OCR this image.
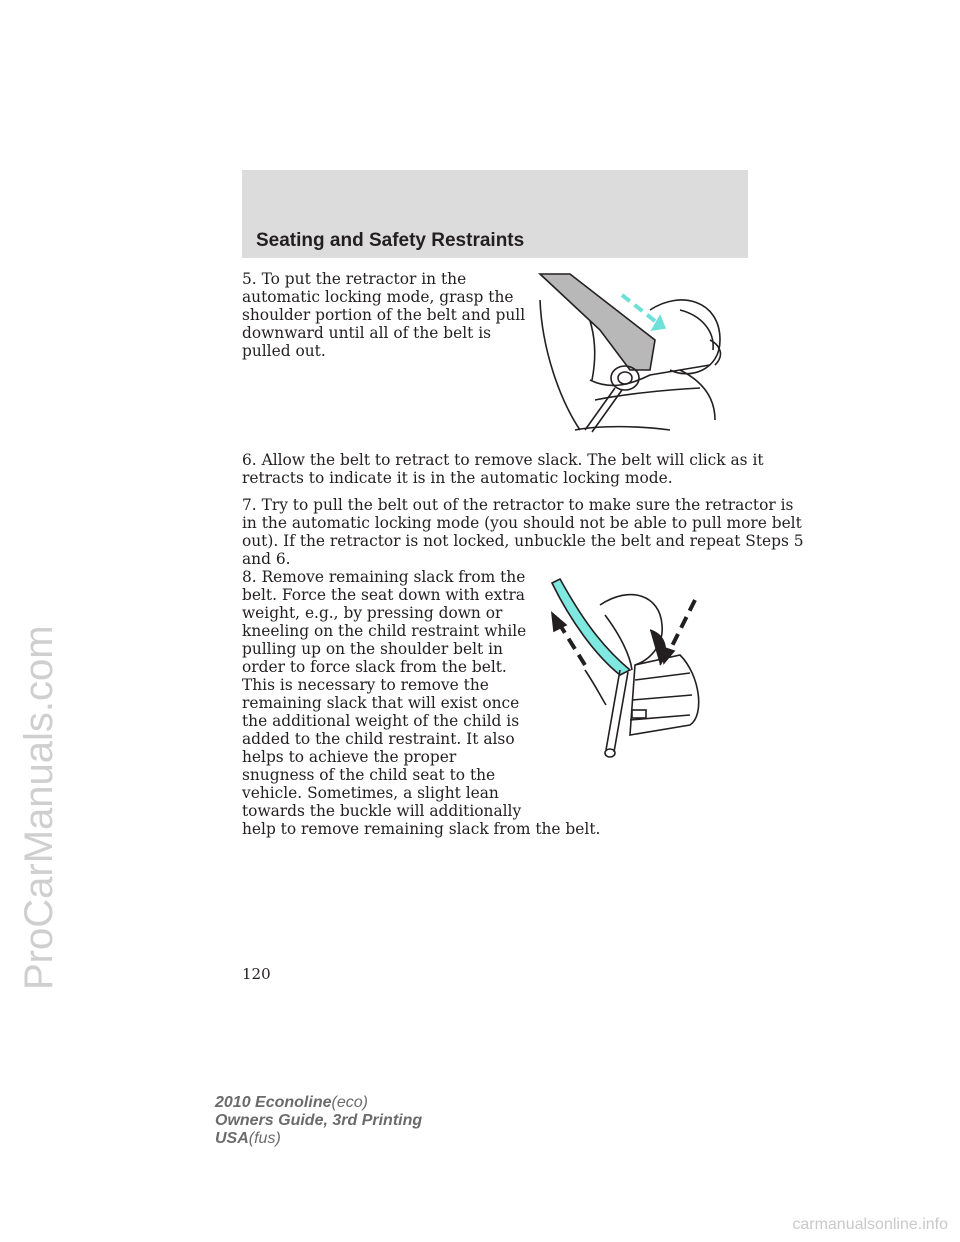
ProCarManuals.com
Seating and Safety Restraints

5. To put the retractor in the
automatic locking mode, grasp the
shoulder portion of the belt and pull
downward until all of the belt is
pulled out.

6. Allow the belt to retract to remove slack. The belt will click as it
retracts to indicate it is in the automatic locking mode.

7. Try to pull the belt out of the retractor to make sure the retractor is
in the automatic locking mode (you should not be able to pull more belt
out). If the retractor is not locked, unbuckle the belt and repeat Steps 5
and 6.

8. Remove remaining slack from the
belt. Force the seat down with extra
weight, e.g., by pressing down or
kneeling on the child restraint while
pulling up on the shoulder belt in
order to force slack from the belt.
This is necessary to remove the
remaining slack that will exist once
the additional weight of the child is
added to the child restraint. It also
helps to achieve the proper
snugness of the child seat to the
vehicle. Sometimes, a slight lean
towards the buckle will additionally
help to remove remaining slack from the belt.

120

2010 Econoline(eco)
Owners Guide, 3rd Printing
USA(fus)
carmanualsonline.info
